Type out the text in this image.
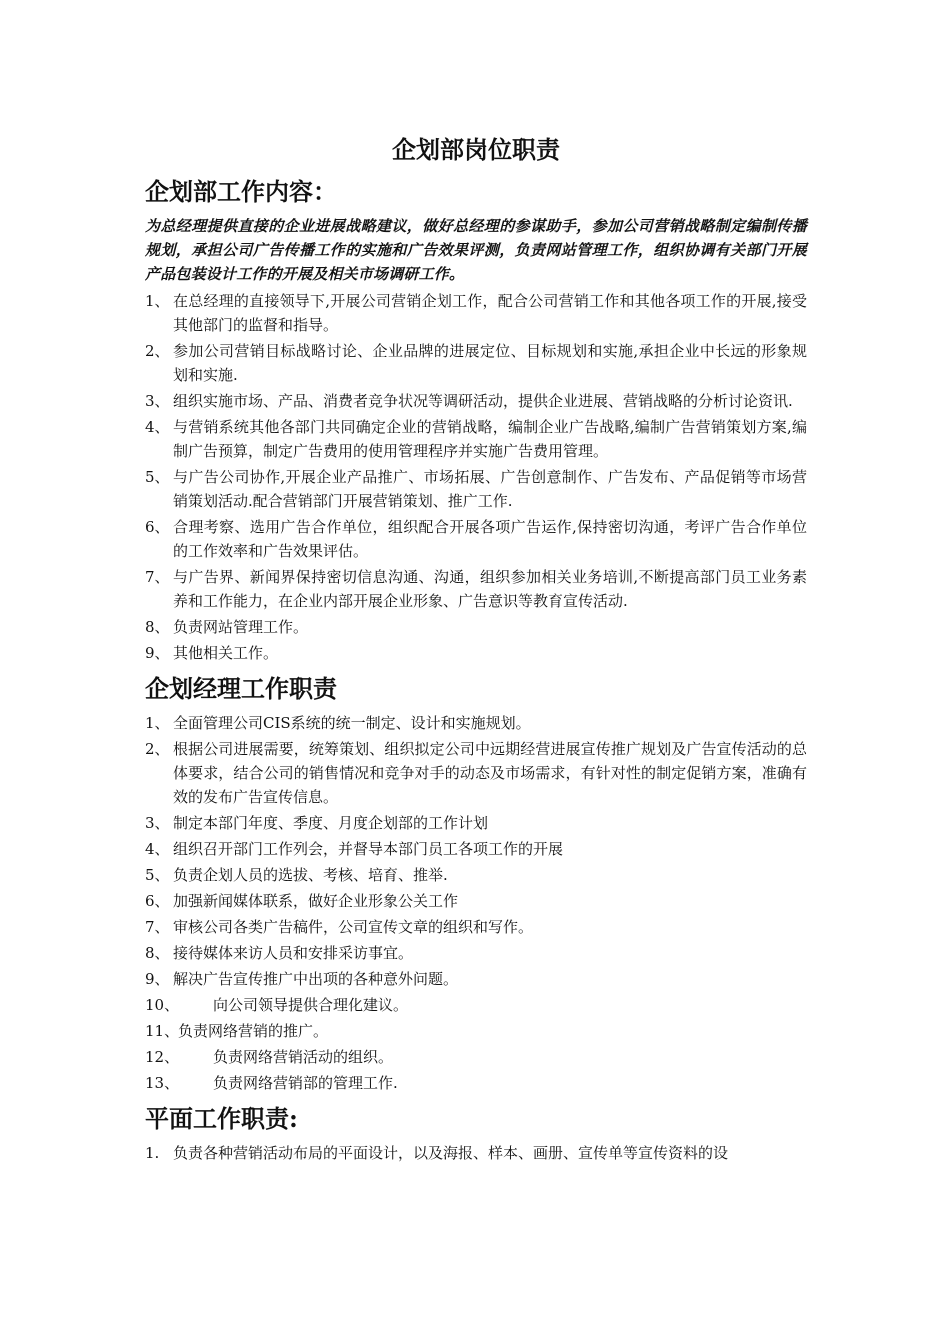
企划部岗位职责
企划部工作内容：

为总经理提供直接的企业进展战略建议，做好总经理的参谋助手，参加公司营销战略制定编制传播规划，承担公司广告传播工作的实施和广告效果评测，负责网站管理工作，组织协调有关部门开展产品包装设计工作的开展及相关市场调研工作。

1、 在总经理的直接领导下,开展公司营销企划工作，配合公司营销工作和其他各项工作的开展,接受其他部门的监督和指导。
2、 参加公司营销目标战略讨论、企业品牌的进展定位、目标规划和实施,承担企业中长远的形象规划和实施.
3、 组织实施市场、产品、消费者竞争状况等调研活动，提供企业进展、营销战略的分析讨论资讯.
4、 与营销系统其他各部门共同确定企业的营销战略，编制企业广告战略,编制广告营销策划方案,编制广告预算，制定广告费用的使用管理程序并实施广告费用管理。
5、 与广告公司协作,开展企业产品推广、市场拓展、广告创意制作、广告发布、产品促销等市场营销策划活动.配合营销部门开展营销策划、推广工作.
6、 合理考察、选用广告合作单位，组织配合开展各项广告运作,保持密切沟通，考评广告合作单位的工作效率和广告效果评估。
7、 与广告界、新闻界保持密切信息沟通、沟通，组织参加相关业务培训,不断提高部门员工业务素养和工作能力，在企业内部开展企业形象、广告意识等教育宣传活动.
8、 负责网站管理工作。
9、 其他相关工作。
企划经理工作职责
1、 全面管理公司CIS系统的统一制定、设计和实施规划。
2、 根据公司进展需要，统筹策划、组织拟定公司中远期经营进展宣传推广规划及广告宣传活动的总体要求，结合公司的销售情况和竞争对手的动态及市场需求，有针对性的制定促销方案，准确有效的发布广告宣传信息。
3、 制定本部门年度、季度、月度企划部的工作计划
4、 组织召开部门工作列会，并督导本部门员工各项工作的开展
5、 负责企划人员的选拔、考核、培育、推举.
6、 加强新闻媒体联系，做好企业形象公关工作
7、 审核公司各类广告稿件，公司宣传文章的组织和写作。
8、 接待媒体来访人员和安排采访事宜。
9、 解决广告宣传推广中出项的各种意外问题。
10、 向公司领导提供合理化建议。
11、
负责网络营销的推广。
12、 负责网络营销活动的组织。
13、 负责网络营销部的管理工作.
平面工作职责:
1. 负责各种营销活动布局的平面设计，以及海报、样本、画册、宣传单等宣传资料的设
